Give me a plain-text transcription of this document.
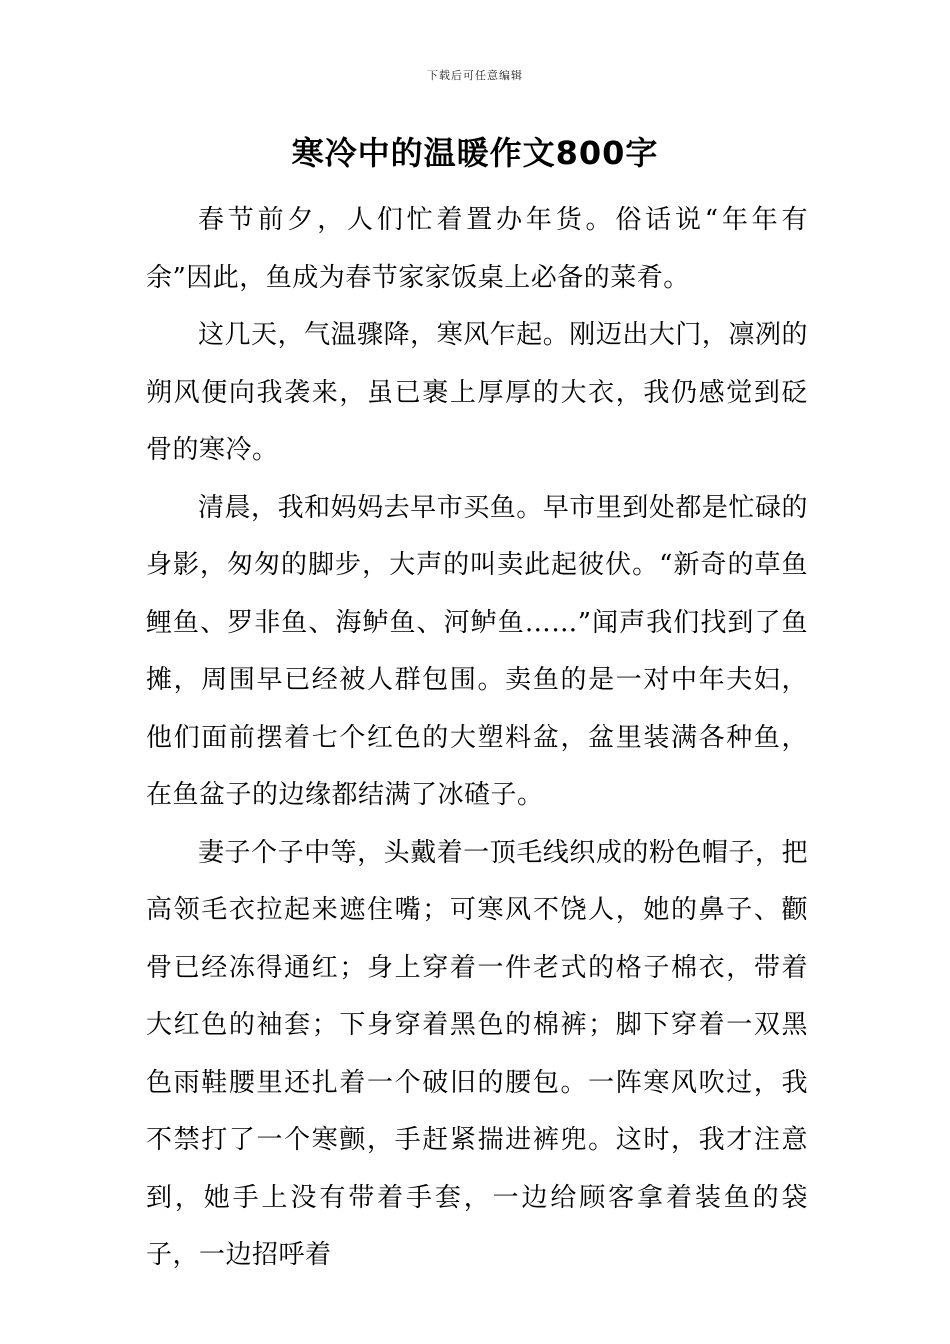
下载后可任意编辑
寒冷中的温暖作文800字

春节前夕，人们忙着置办年货。俗话说“年年有余”因此，鱼成为春节家家饭桌上必备的菜肴。

这几天，气温骤降，寒风乍起。刚迈出大门，凛冽的朔风便向我袭来，虽已裹上厚厚的大衣，我仍感觉到砭骨的寒冷。

清晨，我和妈妈去早市买鱼。早市里到处都是忙碌的身影，匆匆的脚步，大声的叫卖此起彼伏。“新奇的草鱼鲤鱼、罗非鱼、海鲈鱼、河鲈鱼……”闻声我们找到了鱼摊，周围早已经被人群包围。卖鱼的是一对中年夫妇，他们面前摆着七个红色的大塑料盆，盆里装满各种鱼，在鱼盆子的边缘都结满了冰碴子。

妻子个子中等，头戴着一顶毛线织成的粉色帽子，把高领毛衣拉起来遮住嘴；可寒风不饶人，她的鼻子、颧骨已经冻得通红；身上穿着一件老式的格子棉衣，带着大红色的袖套；下身穿着黑色的棉裤；脚下穿着一双黑色雨鞋腰里还扎着一个破旧的腰包。一阵寒风吹过，我不禁打了一个寒颤，手赶紧揣进裤兜。这时，我才注意到，她手上没有带着手套，一边给顾客拿着装鱼的袋子，一边招呼着
